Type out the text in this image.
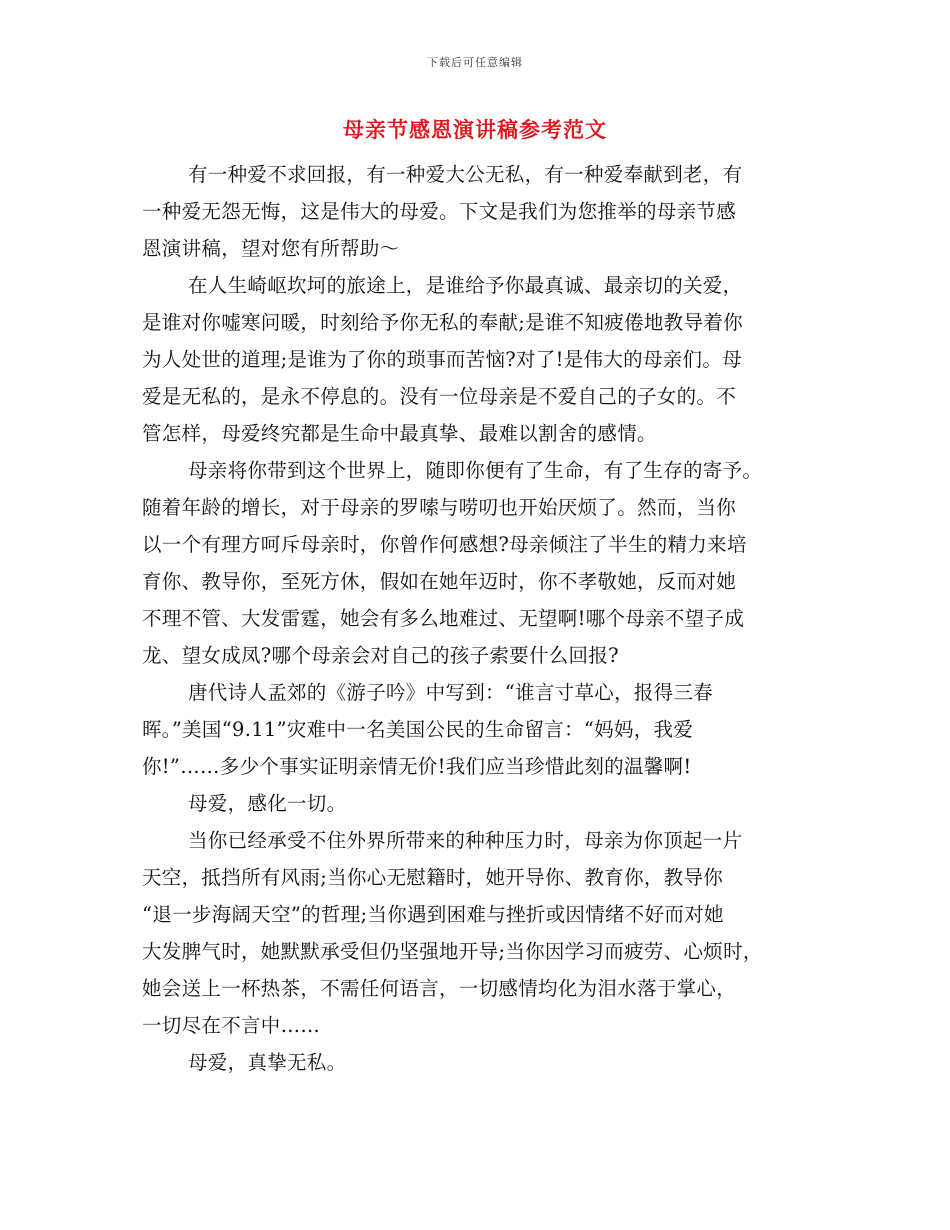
下载后可任意编辑
母亲节感恩演讲稿参考范文
有一种爱不求回报，有一种爱大公无私，有一种爱奉献到老，有
一种爱无怨无悔，这是伟大的母爱。下文是我们为您推举的母亲节感
恩演讲稿，望对您有所帮助～
在人生崎岖坎坷的旅途上，是谁给予你最真诚、最亲切的关爱，
是谁对你嘘寒问暖，时刻给予你无私的奉献;是谁不知疲倦地教导着你
为人处世的道理;是谁为了你的琐事而苦恼?对了!是伟大的母亲们。母
爱是无私的，是永不停息的。没有一位母亲是不爱自己的子女的。不
管怎样，母爱终究都是生命中最真挚、最难以割舍的感情。
母亲将你带到这个世界上，随即你便有了生命，有了生存的寄予。
随着年龄的增长，对于母亲的罗嗦与唠叨也开始厌烦了。然而，当你
以一个有理方呵斥母亲时，你曾作何感想?母亲倾注了半生的精力来培
育你、教导你，至死方休，假如在她年迈时，你不孝敬她，反而对她
不理不管、大发雷霆，她会有多么地难过、无望啊!哪个母亲不望子成
龙、望女成凤?哪个母亲会对自己的孩子索要什么回报?
唐代诗人孟郊的《游子吟》中写到：“谁言寸草心，报得三春
晖。”美国“9.11”灾难中一名美国公民的生命留言：“妈妈，我爱
你!”……多少个事实证明亲情无价!我们应当珍惜此刻的温馨啊!
母爱，感化一切。
当你已经承受不住外界所带来的种种压力时，母亲为你顶起一片
天空，抵挡所有风雨;当你心无慰籍时，她开导你、教育你，教导你
“退一步海阔天空”的哲理;当你遇到困难与挫折或因情绪不好而对她
大发脾气时，她默默承受但仍坚强地开导;当你因学习而疲劳、心烦时，
她会送上一杯热茶，不需任何语言，一切感情均化为泪水落于掌心，
一切尽在不言中……
母爱，真挚无私。
